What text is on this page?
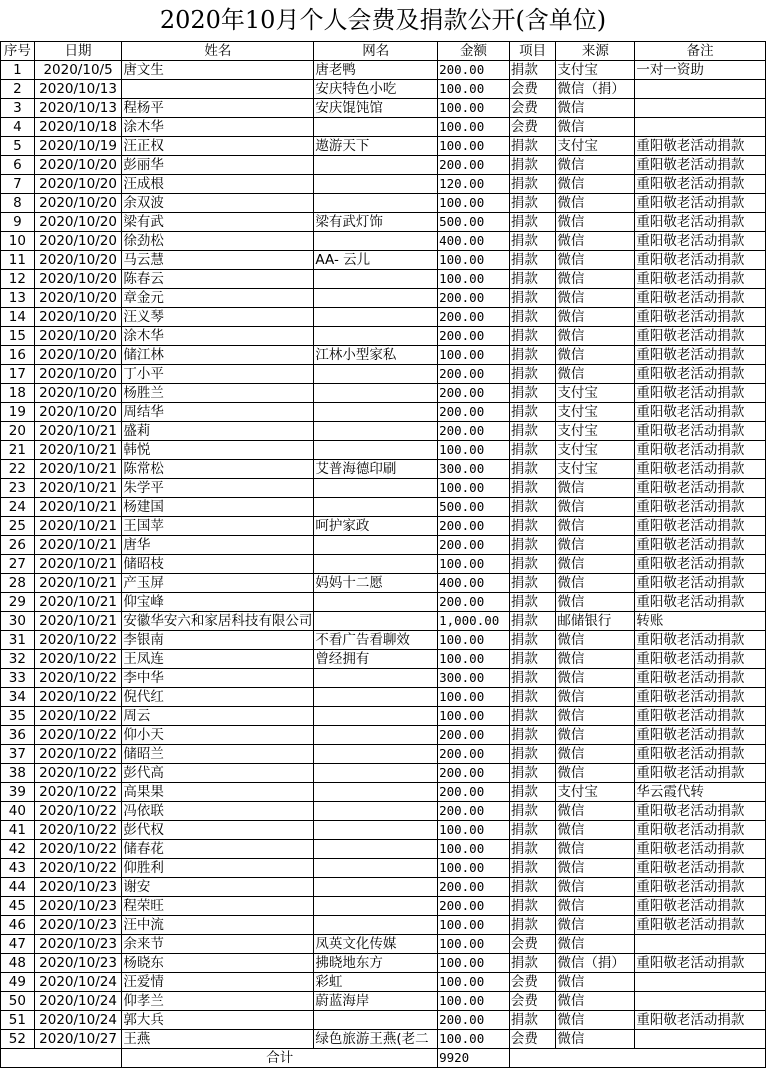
2020年10月个人会费及捐款公开(含单位)
序号	日期	姓名	网名	金额	项目	来源	备注
1	2020/10/5	唐文生	唐老鸭	200.00	捐款	支付宝	一对一资助
2	2020/10/13		安庆特色小吃	100.00	会费	微信（捐）	
3	2020/10/13	程杨平	安庆馄饨馆	100.00	会费	微信	
4	2020/10/18	涂木华		100.00	会费	微信	
5	2020/10/19	汪正权	遨游天下	100.00	捐款	支付宝	重阳敬老活动捐款
6	2020/10/20	彭丽华		200.00	捐款	微信	重阳敬老活动捐款
7	2020/10/20	汪成根		120.00	捐款	微信	重阳敬老活动捐款
8	2020/10/20	余双波		100.00	捐款	微信	重阳敬老活动捐款
9	2020/10/20	梁有武	梁有武灯饰	500.00	捐款	微信	重阳敬老活动捐款
10	2020/10/20	徐劲松		400.00	捐款	微信	重阳敬老活动捐款
11	2020/10/20	马云慧	AA- 云儿	100.00	捐款	微信	重阳敬老活动捐款
12	2020/10/20	陈春云		100.00	捐款	微信	重阳敬老活动捐款
13	2020/10/20	章金元		200.00	捐款	微信	重阳敬老活动捐款
14	2020/10/20	汪义琴		200.00	捐款	微信	重阳敬老活动捐款
15	2020/10/20	涂木华		200.00	捐款	微信	重阳敬老活动捐款
16	2020/10/20	储江林	江林小型家私	100.00	捐款	微信	重阳敬老活动捐款
17	2020/10/20	丁小平		200.00	捐款	微信	重阳敬老活动捐款
18	2020/10/20	杨胜兰		200.00	捐款	支付宝	重阳敬老活动捐款
19	2020/10/20	周结华		200.00	捐款	支付宝	重阳敬老活动捐款
20	2020/10/21	盛莉		200.00	捐款	支付宝	重阳敬老活动捐款
21	2020/10/21	韩悦		100.00	捐款	支付宝	重阳敬老活动捐款
22	2020/10/21	陈常松	艾普海德印刷	300.00	捐款	支付宝	重阳敬老活动捐款
23	2020/10/21	朱学平		100.00	捐款	微信	重阳敬老活动捐款
24	2020/10/21	杨建国		500.00	捐款	微信	重阳敬老活动捐款
25	2020/10/21	王国苹	呵护家政	200.00	捐款	微信	重阳敬老活动捐款
26	2020/10/21	唐华		200.00	捐款	微信	重阳敬老活动捐款
27	2020/10/21	储昭枝		100.00	捐款	微信	重阳敬老活动捐款
28	2020/10/21	产玉屏	妈妈十二愿	400.00	捐款	微信	重阳敬老活动捐款
29	2020/10/21	仰宝峰		200.00	捐款	微信	重阳敬老活动捐款
30	2020/10/21	安徽华安六和家居科技有限公司		1,000.00	捐款	邮储银行	转账
31	2020/10/22	李银南	不看广告看聊效	100.00	捐款	微信	重阳敬老活动捐款
32	2020/10/22	王凤连	曾经拥有	100.00	捐款	微信	重阳敬老活动捐款
33	2020/10/22	李中华		300.00	捐款	微信	重阳敬老活动捐款
34	2020/10/22	倪代红		100.00	捐款	微信	重阳敬老活动捐款
35	2020/10/22	周云		100.00	捐款	微信	重阳敬老活动捐款
36	2020/10/22	仰小天		200.00	捐款	微信	重阳敬老活动捐款
37	2020/10/22	储昭兰		200.00	捐款	微信	重阳敬老活动捐款
38	2020/10/22	彭代高		200.00	捐款	微信	重阳敬老活动捐款
39	2020/10/22	高果果		200.00	捐款	支付宝	华云霞代转
40	2020/10/22	冯依联		200.00	捐款	微信	重阳敬老活动捐款
41	2020/10/22	彭代权		100.00	捐款	微信	重阳敬老活动捐款
42	2020/10/22	储春花		100.00	捐款	微信	重阳敬老活动捐款
43	2020/10/22	仰胜利		100.00	捐款	微信	重阳敬老活动捐款
44	2020/10/23	谢安		200.00	捐款	微信	重阳敬老活动捐款
45	2020/10/23	程荣旺		200.00	捐款	微信	重阳敬老活动捐款
46	2020/10/23	汪中流		100.00	捐款	微信	重阳敬老活动捐款
47	2020/10/23	余来节	凤英文化传媒	100.00	会费	微信	
48	2020/10/23	杨晓东	拂晓地东方	100.00	捐款	微信（捐）	重阳敬老活动捐款
49	2020/10/24	汪爱情	彩虹	100.00	会费	微信	
50	2020/10/24	仰孝兰	蔚蓝海岸	100.00	会费	微信	
51	2020/10/24	郭大兵		200.00	捐款	微信	重阳敬老活动捐款
52	2020/10/27	王燕	绿色旅游王燕(老二	100.00	会费	微信	
		合计		9920			
